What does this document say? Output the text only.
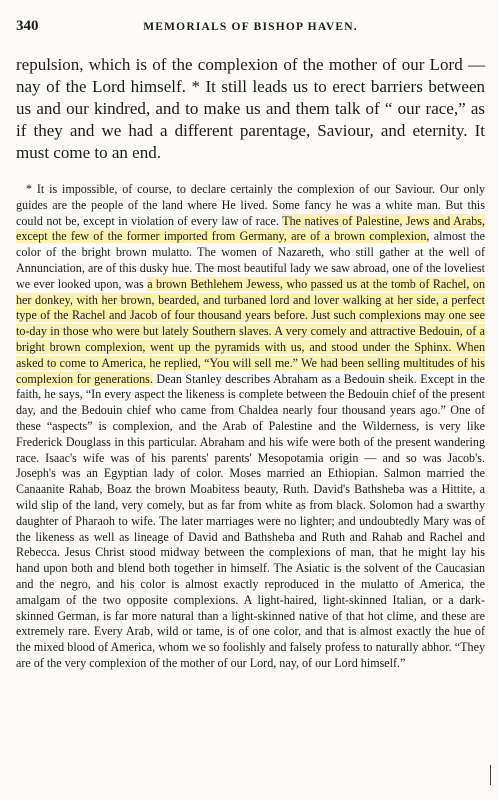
340	MEMORIALS OF BISHOP HAVEN.

repulsion, which is of the complexion of the mother of our Lord — nay of the Lord himself. * It still leads us to erect barriers between us and our kindred, and to make us and them talk of “ our race,” as if they and we had a different parentage, Saviour, and eternity. It must come to an end.

* It is impossible, of course, to declare certainly the complexion of our Saviour. Our only guides are the people of the land where He lived. Some fancy he was a white man. But this could not be, except in violation of every law of race. The natives of Palestine, Jews and Arabs, except the few of the former imported from Germany, are of a brown complexion, almost the color of the bright brown mulatto. The women of Nazareth, who still gather at the well of Annunciation, are of this dusky hue. The most beautiful lady we saw abroad, one of the loveliest we ever looked upon, was a brown Bethlehem Jewess, who passed us at the tomb of Rachel, on her donkey, with her brown, bearded, and turbaned lord and lover walking at her side, a perfect type of the Rachel and Jacob of four thousand years before. Just such complexions may one see to-day in those who were but lately Southern slaves. A very comely and attractive Bedouin, of a bright brown complexion, went up the pyramids with us, and stood under the Sphinx. When asked to come to America, he replied, “You will sell me.” We had been selling multitudes of his complexion for generations. Dean Stanley describes Abraham as a Bedouin sheik. Except in the faith, he says, “In every aspect the likeness is complete between the Bedouin chief of the present day, and the Bedouin chief who came from Chaldea nearly four thousand years ago.” One of these “aspects” is complexion, and the Arab of Palestine and the Wilderness, is very like Frederick Douglass in this particular. Abraham and his wife were both of the present wandering race. Isaac's wife was of his parents' parents' Mesopotamia origin — and so was Jacob's. Joseph's was an Egyptian lady of color. Moses married an Ethiopian. Salmon married the Canaanite Rahab, Boaz the brown Moabitess beauty, Ruth. David's Bathsheba was a Hittite, a wild slip of the land, very comely, but as far from white as from black. Solomon had a swarthy daughter of Pharaoh to wife. The later marriages were no lighter; and undoubtedly Mary was of the likeness as well as lineage of David and Bathsheba and Ruth and Rahab and Rachel and Rebecca. Jesus Christ stood midway between the complexions of man, that he might lay his hand upon both and blend both together in himself. The Asiatic is the solvent of the Caucasian and the negro, and his color is almost exactly reproduced in the mulatto of America, the amalgam of the two opposite complexions. A light-haired, light-skinned Italian, or a dark-skinned German, is far more natural than a light-skinned native of that hot clime, and these are extremely rare. Every Arab, wild or tame, is of one color, and that is almost exactly the hue of the mixed blood of America, whom we so foolishly and falsely profess to naturally abhor. “They are of the very complexion of the mother of our Lord, nay, of our Lord himself.”
